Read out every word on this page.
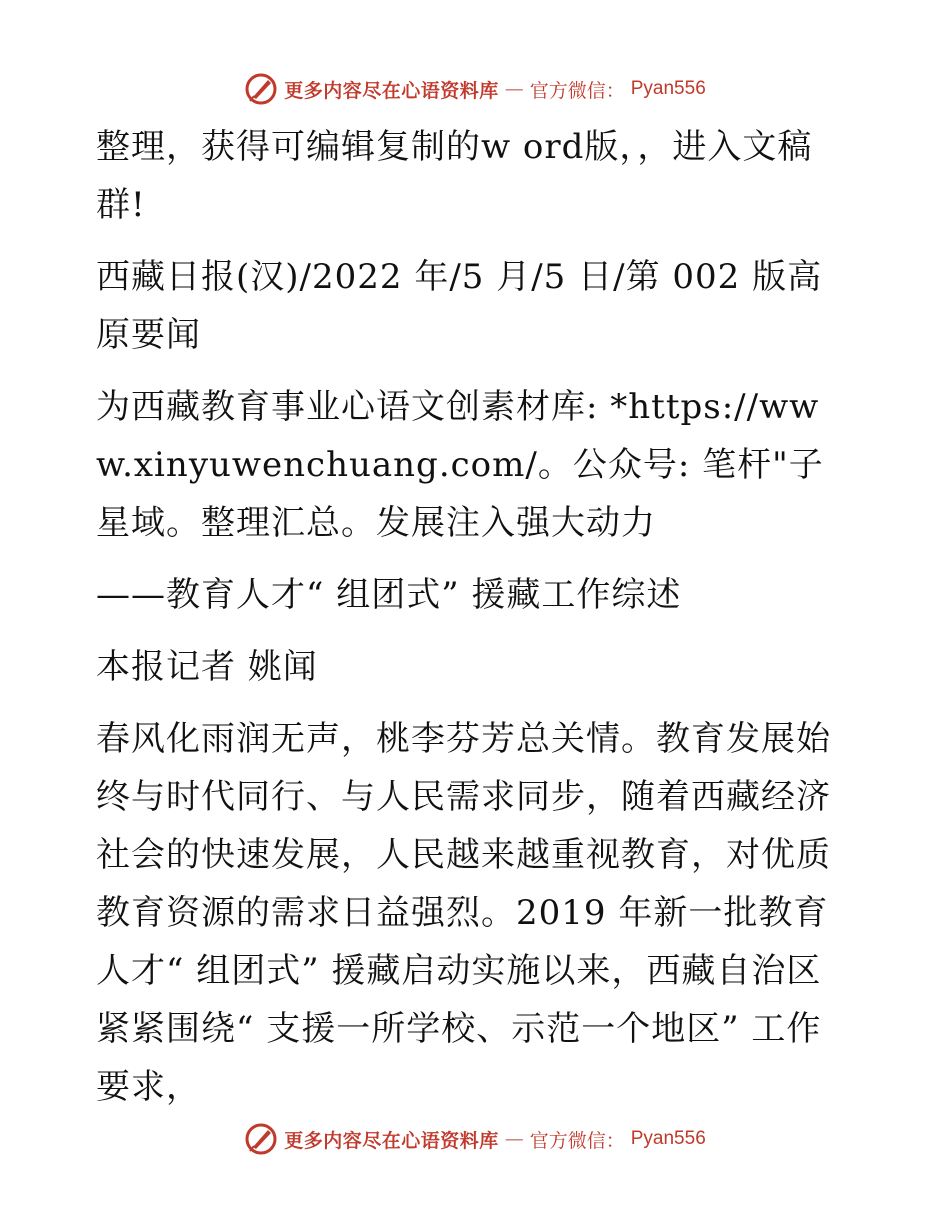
更多内容尽在心语资料库 — 官方微信： Pyan556

整理，获得可编辑复制的w ord版，，进入文稿群!

西藏日报(汉)/2022 年/5 月/5 日/第 002 版高原要闻

为西藏教育事业心语文创素材库: *https://www.xinyuwenchuang.com/。公众号: 笔杆"子星域。整理汇总。发展注入强大动力

——教育人才“ 组团式” 援藏工作综述

本报记者 姚闻

春风化雨润无声，桃李芬芳总关情。教育发展始终与时代同行、与人民需求同步，随着西藏经济社会的快速发展，人民越来越重视教育，对优质教育资源的需求日益强烈。2019 年新一批教育人才“ 组团式” 援藏启动实施以来，西藏自治区紧紧围绕“ 支援一所学校、示范一个地区” 工作要求，

更多内容尽在心语资料库 — 官方微信： Pyan556
